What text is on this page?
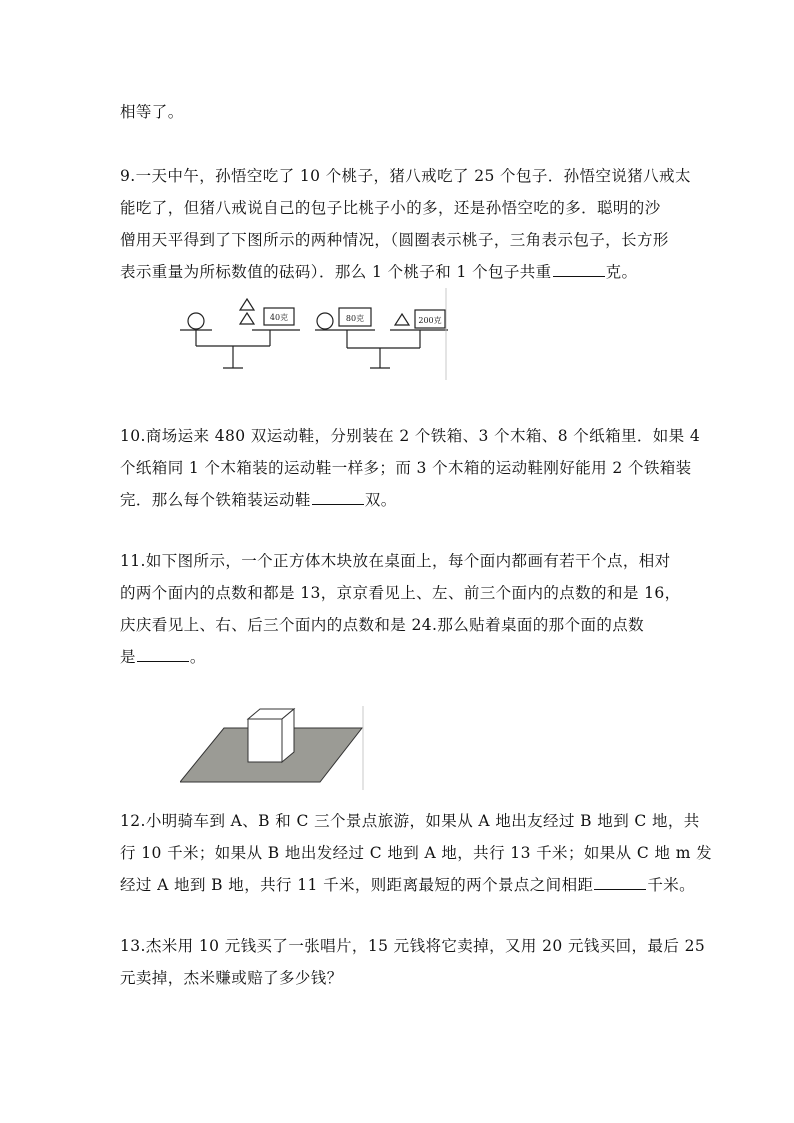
相等了。
9.一天中午，孙悟空吃了 10 个桃子，猪八戒吃了 25 个包子．孙悟空说猪八戒太
能吃了，但猪八戒说自己的包子比桃子小的多，还是孙悟空吃的多．聪明的沙
僧用天平得到了下图所示的两种情况，（圆圈表示桃子，三角表示包子，长方形
表示重量为所标数值的砝码）．那么 1 个桃子和 1 个包子共重	克。
40克	80克	200克
10.商场运来 480 双运动鞋，分别装在 2 个铁箱、3 个木箱、8 个纸箱里．如果 4
个纸箱同 1 个木箱装的运动鞋一样多；而 3 个木箱的运动鞋刚好能用 2 个铁箱装
完．那么每个铁箱装运动鞋	双。
11.如下图所示，一个正方体木块放在桌面上，每个面内都画有若干个点，相对
的两个面内的点数和都是 13，京京看见上、左、前三个面内的点数的和是 16，
庆庆看见上、右、后三个面内的点数和是 24.那么贴着桌面的那个面的点数
是	。
12.小明骑车到 A、B 和 C 三个景点旅游，如果从 A 地出友经过 B 地到 C 地，共
行 10 千米；如果从 B 地出发经过 C 地到 A 地，共行 13 千米；如果从 C 地 m 发
经过 A 地到 B 地，共行 11 千米，则距离最短的两个景点之间相距	千米。
13.杰米用 10 元钱买了一张唱片，15 元钱将它卖掉，又用 20 元钱买回，最后 25
元卖掉，杰米赚或赔了多少钱？
